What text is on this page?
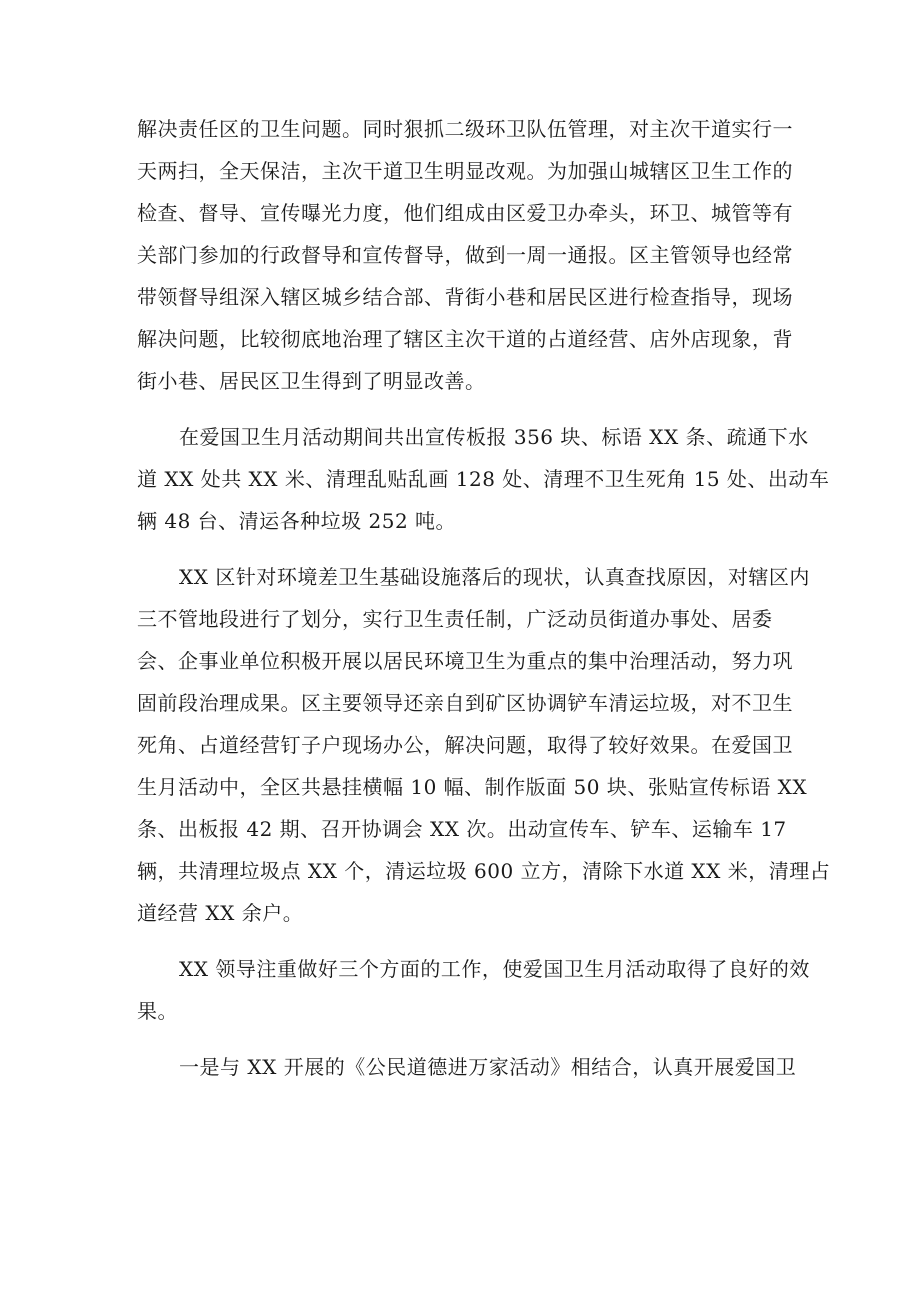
解决责任区的卫生问题。同时狠抓二级环卫队伍管理，对主次干道实行一
天两扫，全天保洁，主次干道卫生明显改观。为加强山城辖区卫生工作的
检查、督导、宣传曝光力度，他们组成由区爱卫办牵头，环卫、城管等有
关部门参加的行政督导和宣传督导，做到一周一通报。区主管领导也经常
带领督导组深入辖区城乡结合部、背街小巷和居民区进行检查指导，现场
解决问题，比较彻底地治理了辖区主次干道的占道经营、店外店现象，背
街小巷、居民区卫生得到了明显改善。
在爱国卫生月活动期间共出宣传板报 356 块、标语 XX 条、疏通下水
道 XX 处共 XX 米、清理乱贴乱画 128 处、清理不卫生死角 15 处、出动车
辆 48 台、清运各种垃圾 252 吨。
XX 区针对环境差卫生基础设施落后的现状，认真查找原因，对辖区内
三不管地段进行了划分，实行卫生责任制，广泛动员街道办事处、居委
会、企事业单位积极开展以居民环境卫生为重点的集中治理活动，努力巩
固前段治理成果。区主要领导还亲自到矿区协调铲车清运垃圾，对不卫生
死角、占道经营钉子户现场办公，解决问题，取得了较好效果。在爱国卫
生月活动中，全区共悬挂横幅 10 幅、制作版面 50 块、张贴宣传标语 XX
条、出板报 42 期、召开协调会 XX 次。出动宣传车、铲车、运输车 17
辆，共清理垃圾点 XX 个，清运垃圾 600 立方，清除下水道 XX 米，清理占
道经营 XX 余户。
XX 领导注重做好三个方面的工作，使爱国卫生月活动取得了良好的效
果。
一是与 XX 开展的《公民道德进万家活动》相结合，认真开展爱国卫
